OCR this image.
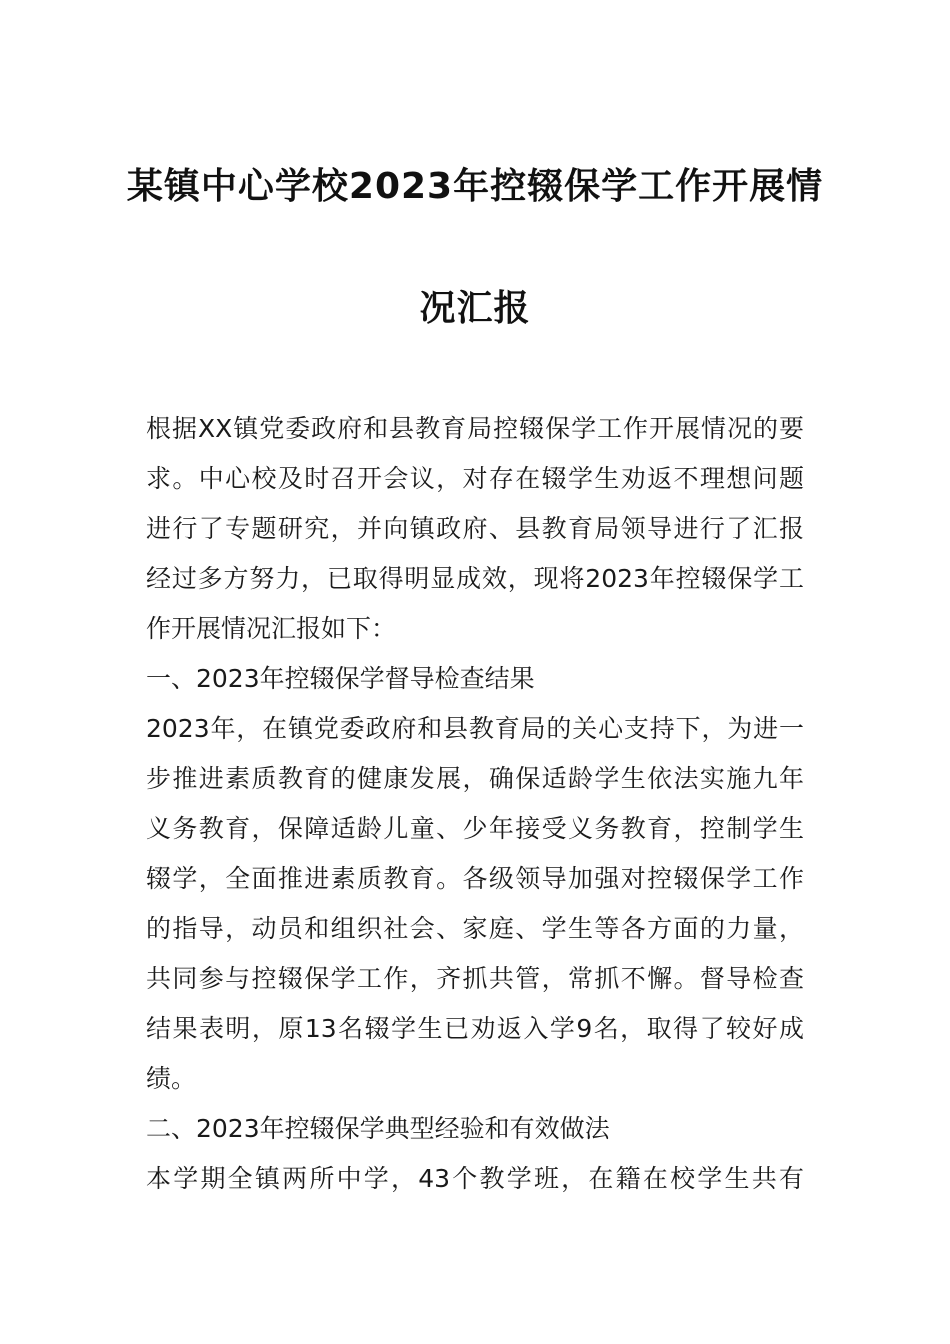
某镇中心学校2023年控辍保学工作开展情
况汇报
根据XX镇党委政府和县教育局控辍保学工作开展情况的要
求。中心校及时召开会议，对存在辍学生劝返不理想问题
进行了专题研究，并向镇政府、县教育局领导进行了汇报
经过多方努力，已取得明显成效，现将2023年控辍保学工
作开展情况汇报如下：
一、2023年控辍保学督导检查结果
2023年，在镇党委政府和县教育局的关心支持下，为进一
步推进素质教育的健康发展，确保适龄学生依法实施九年
义务教育，保障适龄儿童、少年接受义务教育，控制学生
辍学，全面推进素质教育。各级领导加强对控辍保学工作
的指导，动员和组织社会、家庭、学生等各方面的力量，
共同参与控辍保学工作，齐抓共管，常抓不懈。督导检查
结果表明，原13名辍学生已劝返入学9名，取得了较好成
绩。
二、2023年控辍保学典型经验和有效做法
本学期全镇两所中学，43个教学班，在籍在校学生共有
